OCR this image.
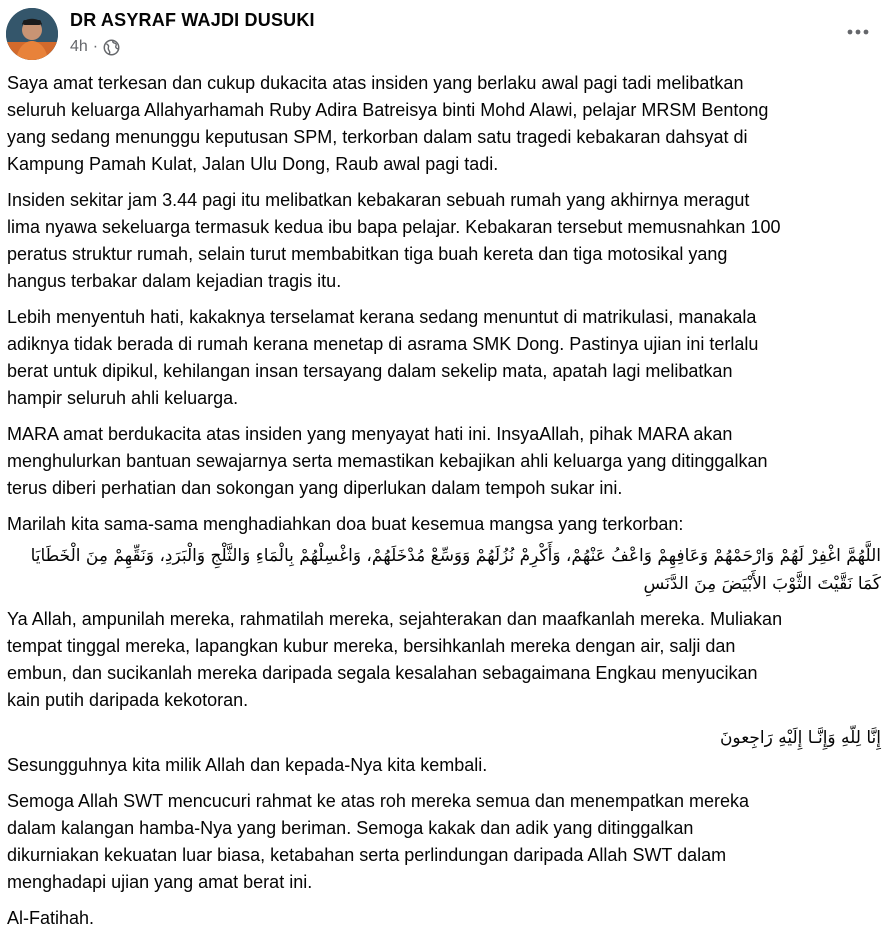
DR ASYRAF WAJDI DUSUKI
4h ·

Saya amat terkesan dan cukup dukacita atas insiden yang berlaku awal pagi tadi melibatkan
seluruh keluarga Allahyarhamah Ruby Adira Batreisya binti Mohd Alawi, pelajar MRSM Bentong
yang sedang menunggu keputusan SPM, terkorban dalam satu tragedi kebakaran dahsyat di
Kampung Pamah Kulat, Jalan Ulu Dong, Raub awal pagi tadi.

Insiden sekitar jam 3.44 pagi itu melibatkan kebakaran sebuah rumah yang akhirnya meragut
lima nyawa sekeluarga termasuk kedua ibu bapa pelajar. Kebakaran tersebut memusnahkan 100
peratus struktur rumah, selain turut membabitkan tiga buah kereta dan tiga motosikal yang
hangus terbakar dalam kejadian tragis itu.

Lebih menyentuh hati, kakaknya terselamat kerana sedang menuntut di matrikulasi, manakala
adiknya tidak berada di rumah kerana menetap di asrama SMK Dong. Pastinya ujian ini terlalu
berat untuk dipikul, kehilangan insan tersayang dalam sekelip mata, apatah lagi melibatkan
hampir seluruh ahli keluarga.

MARA amat berdukacita atas insiden yang menyayat hati ini. InsyaAllah, pihak MARA akan
menghulurkan bantuan sewajarnya serta memastikan kebajikan ahli keluarga yang ditinggalkan
terus diberi perhatian dan sokongan yang diperlukan dalam tempoh sukar ini.

Marilah kita sama-sama menghadiahkan doa buat kesemua mangsa yang terkorban:

اللَّهُمَّ اغْفِرْ لَهُمْ وَارْحَمْهُمْ وَعَافِهِمْ وَاعْفُ عَنْهُمْ، وَأَكْرِمْ نُزُلَهُمْ وَوَسِّعْ مُدْخَلَهُمْ، وَاغْسِلْهُمْ بِالْمَاءِ وَالثَّلْجِ وَالْبَرَدِ، وَنَقِّهِمْ مِنَ الْخَطَايَا كَمَا نَقَّيْتَ الثَّوْبَ الأَبْيَضَ مِنَ الدَّنَسِ

Ya Allah, ampunilah mereka, rahmatilah mereka, sejahterakan dan maafkanlah mereka. Muliakan
tempat tinggal mereka, lapangkan kubur mereka, bersihkanlah mereka dengan air, salji dan
embun, dan sucikanlah mereka daripada segala kesalahan sebagaimana Engkau menyucikan
kain putih daripada kekotoran.

إِنَّا لِلّهِ وَإِنَّـا إِلَيْهِ رَاجِعونَ

Sesungguhnya kita milik Allah dan kepada-Nya kita kembali.

Semoga Allah SWT mencucuri rahmat ke atas roh mereka semua dan menempatkan mereka
dalam kalangan hamba-Nya yang beriman. Semoga kakak dan adik yang ditinggalkan
dikurniakan kekuatan luar biasa, ketabahan serta perlindungan daripada Allah SWT dalam
menghadapi ujian yang amat berat ini.

Al-Fatihah.
